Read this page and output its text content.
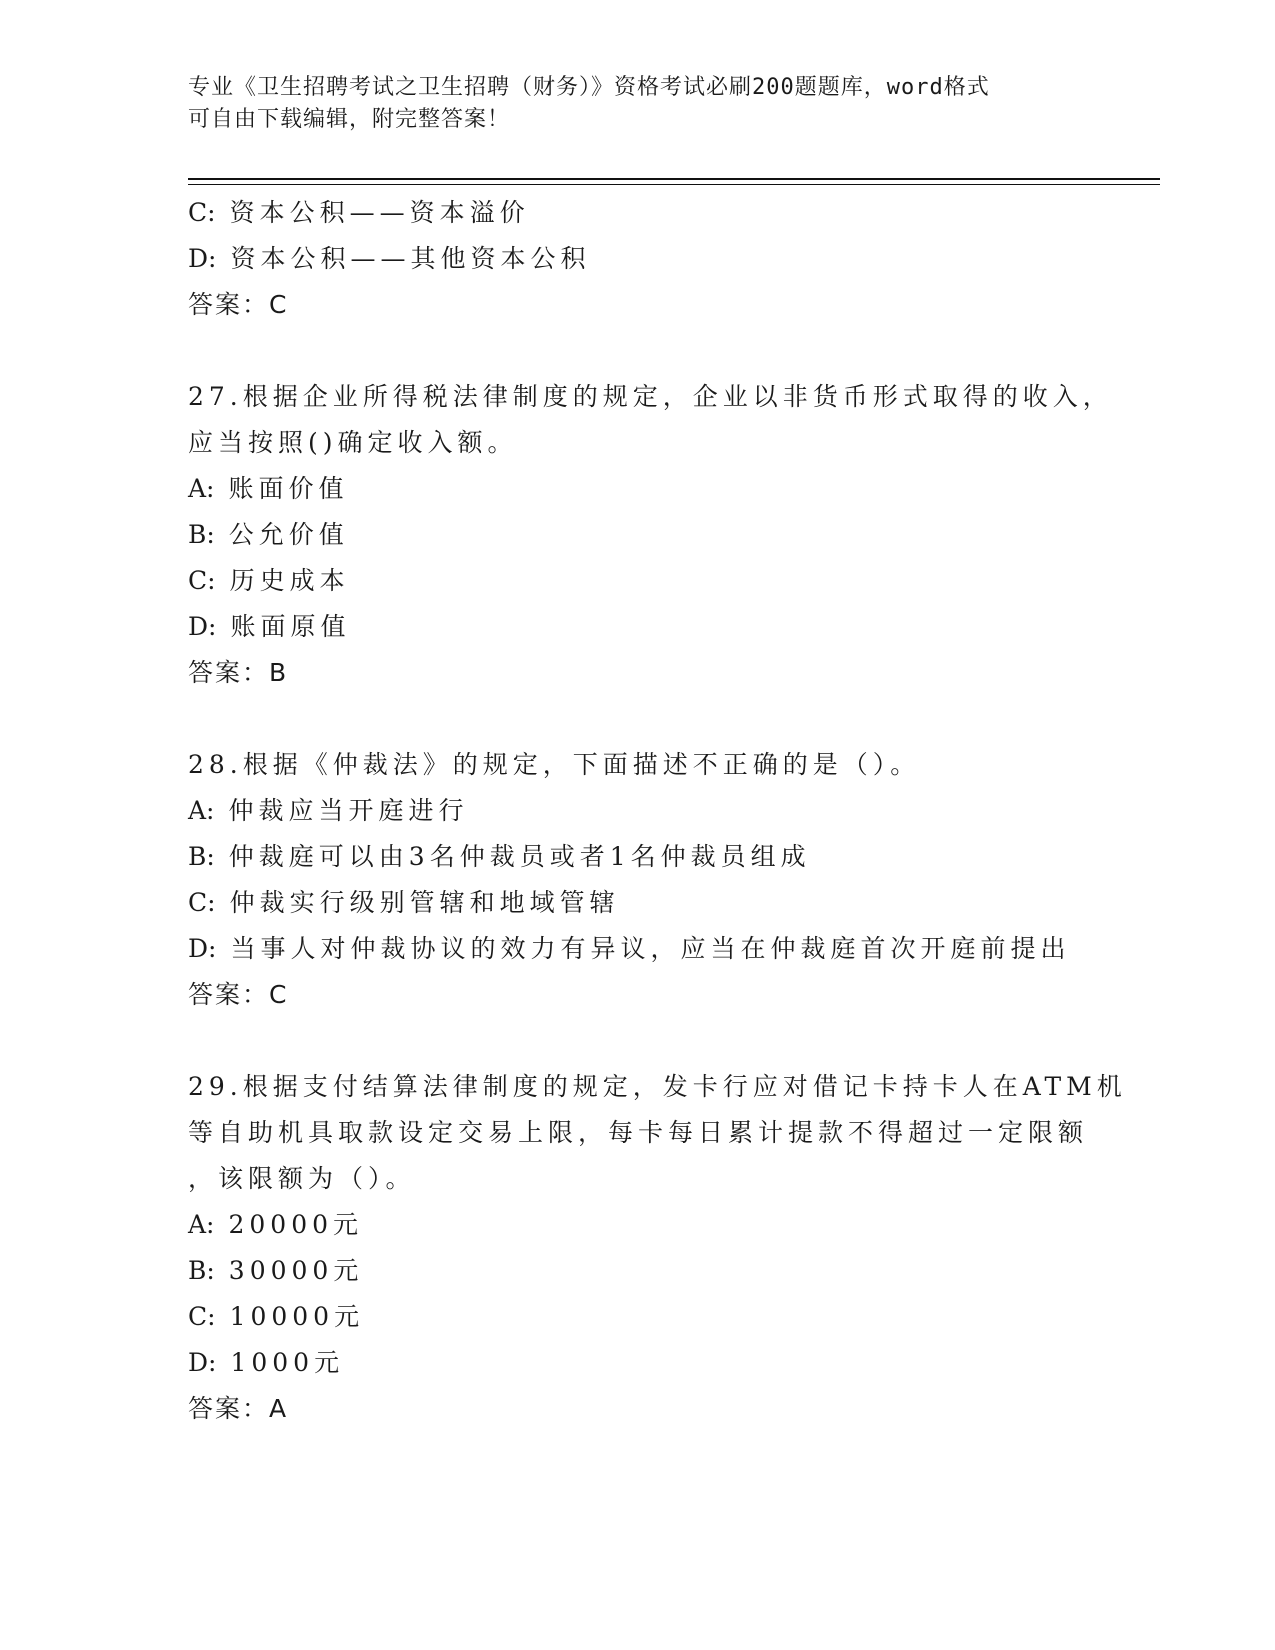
专业《卫生招聘考试之卫生招聘（财务）》资格考试必刷200题题库，word格式
可自由下载编辑，附完整答案！
C: 资本公积——资本溢价
D: 资本公积——其他资本公积
答案：C
27.根据企业所得税法律制度的规定，企业以非货币形式取得的收入，
应当按照()确定收入额。
A: 账面价值
B: 公允价值
C: 历史成本
D: 账面原值
答案：B
28.根据《仲裁法》的规定，下面描述不正确的是（）。
A: 仲裁应当开庭进行
B: 仲裁庭可以由3名仲裁员或者1名仲裁员组成
C: 仲裁实行级别管辖和地域管辖
D: 当事人对仲裁协议的效力有异议，应当在仲裁庭首次开庭前提出
答案：C
29.根据支付结算法律制度的规定，发卡行应对借记卡持卡人在ATM机
等自助机具取款设定交易上限，每卡每日累计提款不得超过一定限额
，该限额为（）。
A: 20000元
B: 30000元
C: 10000元
D: 1000元
答案：A
